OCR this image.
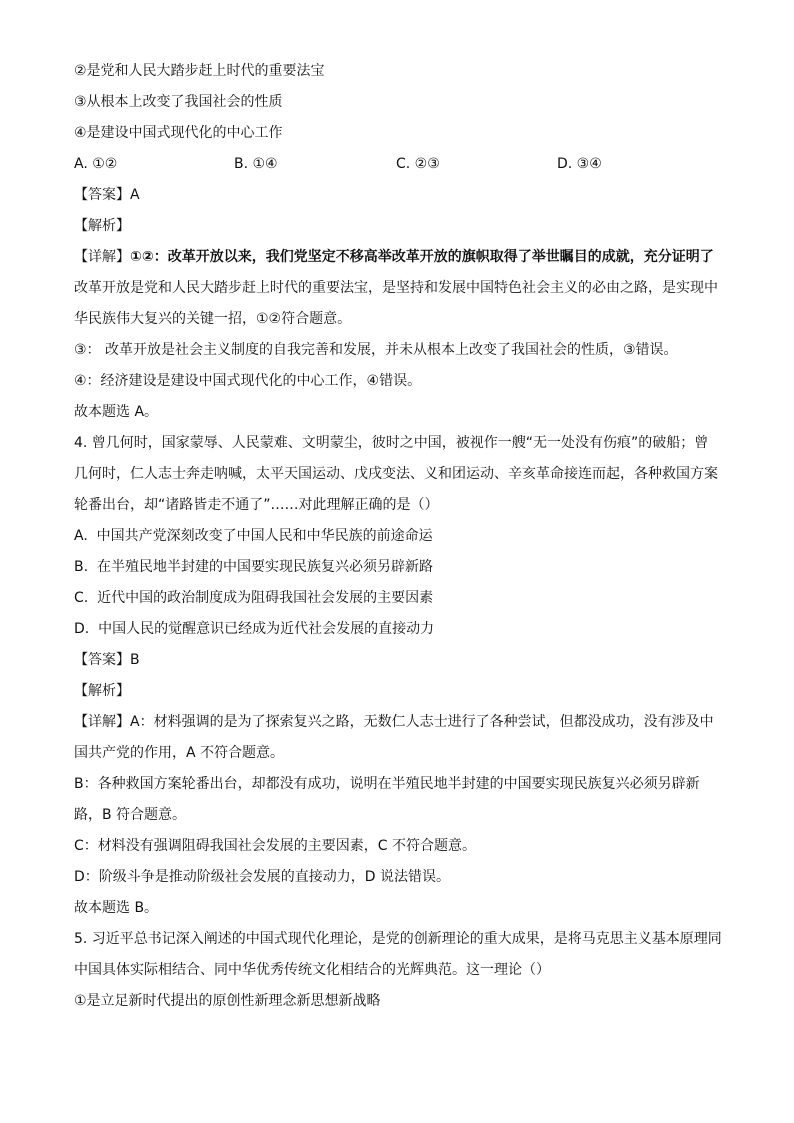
②是党和人民大踏步赶上时代的重要法宝
③从根本上改变了我国社会的性质
④是建设中国式现代化的中心工作
A. ①②	B. ①④	C. ②③	D. ③④
【答案】A
【解析】
【详解】①②：改革开放以来，我们党坚定不移高举改革开放的旗帜取得了举世瞩目的成就，充分证明了
改革开放是党和人民大踏步赶上时代的重要法宝，是坚持和发展中国特色社会主义的必由之路，是实现中
华民族伟大复兴的关键一招，①②符合题意。
③： 改革开放是社会主义制度的自我完善和发展，并未从根本上改变了我国社会的性质，③错误。
④：经济建设是建设中国式现代化的中心工作，④错误。
故本题选 A。
4. 曾几何时，国家蒙辱、人民蒙难、文明蒙尘，彼时之中国，被视作一艘“无一处没有伤痕”的破船；曾
几何时，仁人志士奔走呐喊，太平天国运动、戊戌变法、义和团运动、辛亥革命接连而起，各种救国方案
轮番出台，却“诸路皆走不通了”……对此理解正确的是（）
A.  中国共产党深刻改变了中国人民和中华民族的前途命运
B.  在半殖民地半封建的中国要实现民族复兴必须另辟新路
C.  近代中国的政治制度成为阻碍我国社会发展的主要因素
D.  中国人民的觉醒意识已经成为近代社会发展的直接动力
【答案】B
【解析】
【详解】A：材料强调的是为了探索复兴之路，无数仁人志士进行了各种尝试，但都没成功，没有涉及中
国共产党的作用，A 不符合题意。
B：各种救国方案轮番出台，却都没有成功，说明在半殖民地半封建的中国要实现民族复兴必须另辟新
路，B 符合题意。
C：材料没有强调阻碍我国社会发展的主要因素，C 不符合题意。
D：阶级斗争是推动阶级社会发展的直接动力，D 说法错误。
故本题选 B。
5. 习近平总书记深入阐述的中国式现代化理论，是党的创新理论的重大成果，是将马克思主义基本原理同
中国具体实际相结合、同中华优秀传统文化相结合的光辉典范。这一理论（）
①是立足新时代提出的原创性新理念新思想新战略
